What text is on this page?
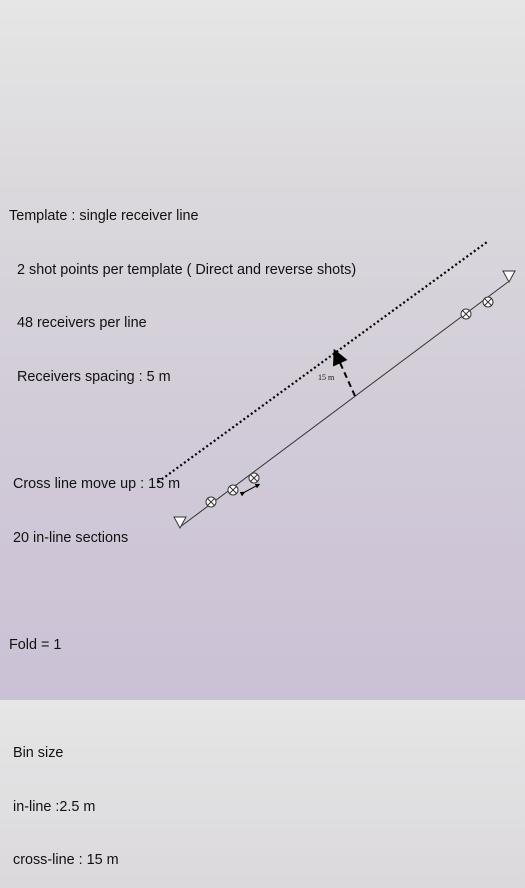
Template : single receiver line

2 shot points per template ( Direct and reverse shots)

48 receivers per line

Receivers spacing : 5 m

Cross line move up : 15 m

20 in-line sections

Fold = 1

Bin size

in-line :2.5 m

cross-line : 15 m

15 m
